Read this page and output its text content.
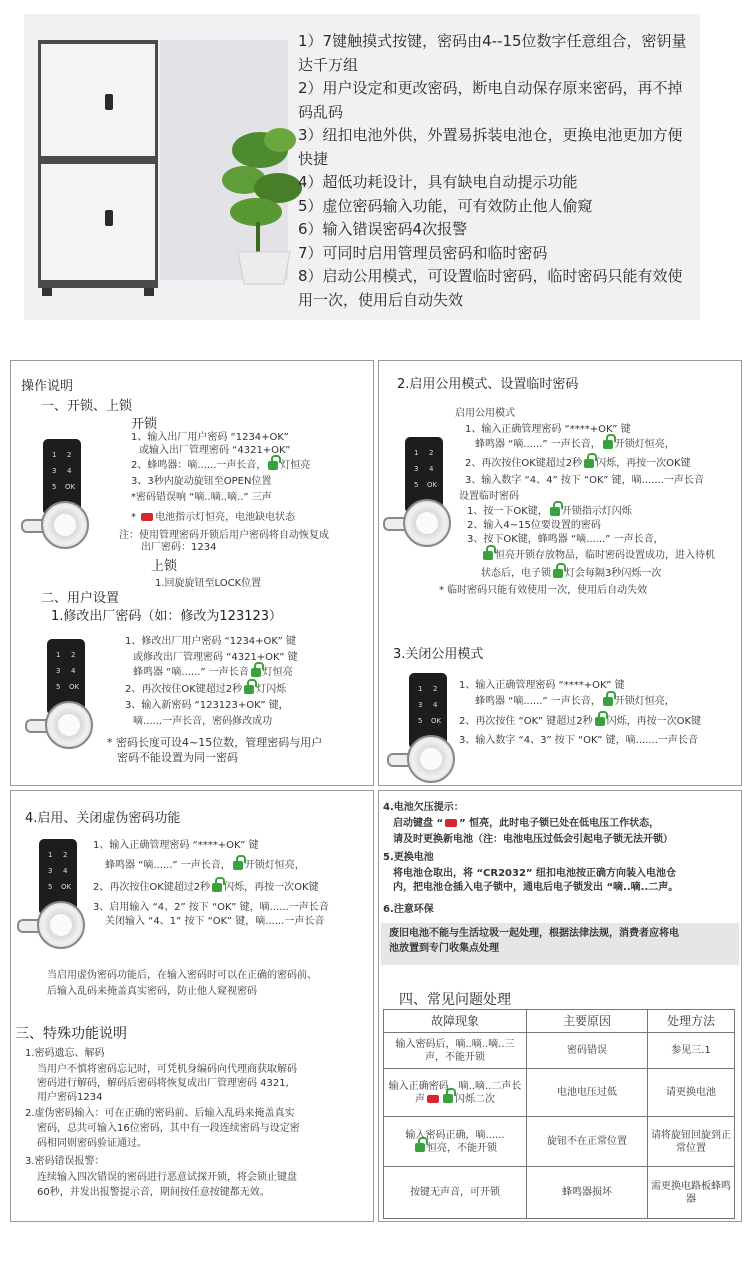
1）7键触摸式按键，密码由4--15位数字任意组合，密钥量达千万组
2）用户设定和更改密码，断电自动保存原来密码，再不掉码乱码
3）纽扣电池外供，外置易拆装电池仓，更换电池更加方便快捷
4）超低功耗设计，具有缺电自动提示功能
5）虚位密码输入功能，可有效防止他人偷窥
6）输入错误密码4次报警
7）可同时启用管理员密码和临时密码
8）启动公用模式，可设置临时密码，临时密码只能有效使用一次，使用后自动失效
操作说明
一、开锁、上锁
开锁
1 2
3 4
5 OK
1、输入出厂用户密码 “1234+OK”
或输入出厂管理密码 “4321+OK”
2、蜂鸣器：嘀......一声长音， 灯恒亮
3、3秒内旋动旋钮至OPEN位置
*密码错误响 “嘀..嘀..嘀..” 三声
* 电池指示灯恒亮，电池缺电状态
注：使用管理密码开锁后用户密码将自动恢复成
出厂密码：1234
上锁
1.回旋旋钮至LOCK位置
二、用户设置
1.修改出厂密码（如：修改为123123）
1 2
3 4
5 OK
1、修改出厂用户密码 “1234+OK” 键
或修改出厂管理密码 “4321+OK” 键
蜂鸣器 “嘀......” 一声长音 灯恒亮
2、再次按住OK键超过2秒 灯闪烁
3、输入新密码 “123123+OK” 键，
嘀......一声长音，密码修改成功
* 密码长度可设4~15位数，管理密码与用户
密码不能设置为同一密码
2.启用公用模式、设置临时密码
1 2
3 4
5 OK
启用公用模式
1、输入正确管理密码 “****+OK” 键
蜂鸣器 “嘀......” 一声长音， 开锁灯恒亮，
2、再次按住OK键超过2秒 闪烁，再按一次OK键
3、输入数字 “4、4” 按下 “OK” 键，嘀.......一声长音
设置临时密码
1、按一下OK键， 开锁指示灯闪烁
2、输入4~15位要设置的密码
3、按下OK键，蜂鸣器 “嘀......” 一声长音，
恒亮开锁存放物品，临时密码设置成功，进入待机
状态后，电子锁 灯会每隔3秒闪烁一次
* 临时密码只能有效使用一次，使用后自动失效
3.关闭公用模式
1 2
3 4
5 OK
1、输入正确管理密码 “****+OK” 键
蜂鸣器 “嘀......” 一声长音， 开锁灯恒亮，
2、再次按住 “OK” 键超过2秒 闪烁，再按一次OK键
3、输入数字 “4、3” 按下 “OK” 键，嘀.......一声长音
4.启用、关闭虚伪密码功能
1 2
3 4
5 OK
1、输入正确管理密码 “****+OK” 键
蜂鸣器 “嘀......” 一声长音， 开锁灯恒亮，
2、再次按住OK键超过2秒 闪烁，再按一次OK键
3、启用输入 “4、2” 按下 “OK” 键，嘀......一声长音
关闭输入 “4、1” 按下 “OK” 键，嘀......一声长音
当启用虚伪密码功能后，在输入密码时可以在正确的密码前、
后输入乱码来掩盖真实密码，防止他人窥视密码
三、特殊功能说明
1.密码遗忘、解码
当用户不慎将密码忘记时，可凭机身编码向代理商获取解码
密码进行解码，解码后密码将恢复成出厂管理密码 4321,
用户密码1234
2.虚伪密码输入：可在正确的密码前、后输入乱码来掩盖真实
密码，总共可输入16位密码，其中有一段连续密码与设定密
码相同则密码验证通过。
3.密码错误报警：
连续输入四次错误的密码进行恶意试探开锁，将会锁止键盘
60秒，并发出报警提示音，期间按任意按键都无效。
4.电池欠压提示：
启动键盘 “ ” 恒亮，此时电子锁已处在低电压工作状态，
请及时更换新电池（注：电池电压过低会引起电子锁无法开锁）
5.更换电池
将电池仓取出，将 “CR2032” 纽扣电池按正确方向装入电池仓
内，把电池仓插入电子锁中，通电后电子锁发出 “嘀..嘀..二声。
6.注意环保
废旧电池不能与生活垃圾一起处理，根据法律法规，消费者应将电
池放置到专门收集点处理
四、常见问题处理
故障现象	主要原因	处理方法
输入密码后，嘀..嘀..嘀..三声，不能开锁	密码错误	参见三.1
输入正确密码，嘀..嘀..二声长声 闪烁二次	电池电压过低	请更换电池
输入密码正确，嘀......
恒亮，不能开锁	旋钮不在正常位置	请将旋钮回旋到正常位置
按键无声音，可开锁	蜂鸣器损坏	需更换电路板蜂鸣器
